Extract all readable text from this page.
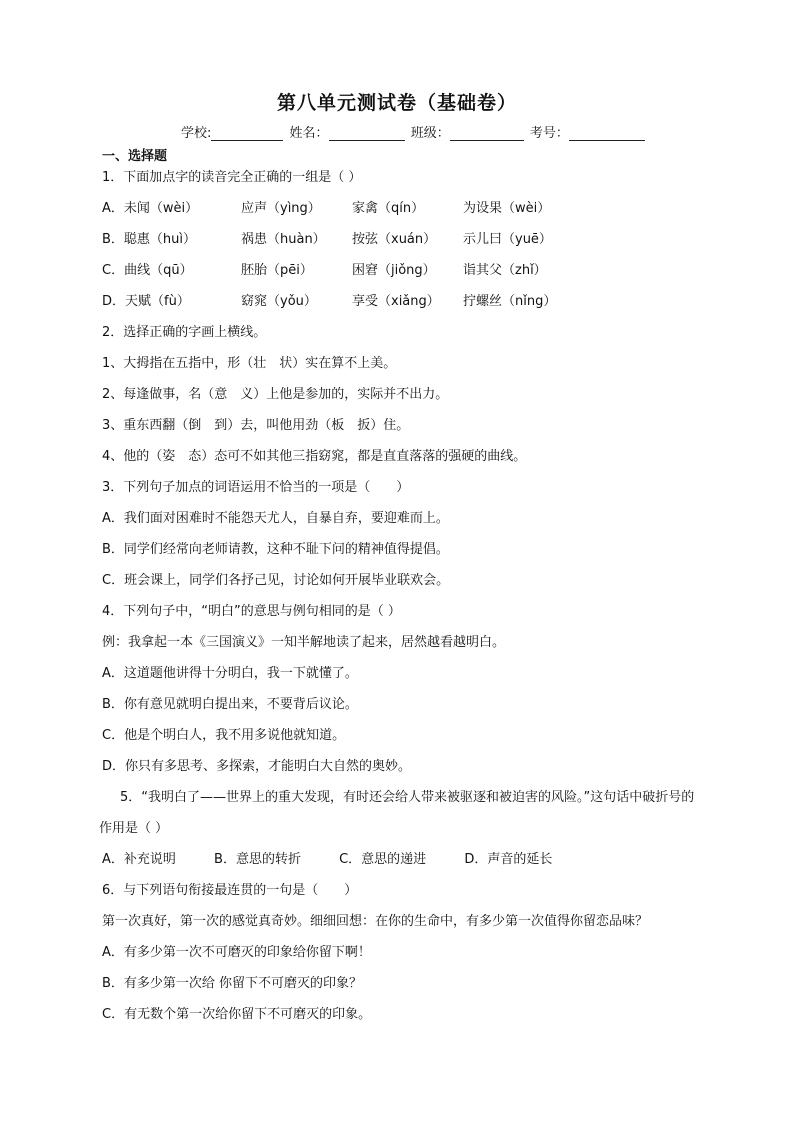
第八单元测试卷（基础卷）
学校:	姓名：	班级：	考号：
一、选择题
1．下面加点字的读音完全正确的一组是（ ）
A．未闻（wèi）	应声（yìng）	家禽（qín）	为设果（wèi）
B．聪惠（huì）	祸患（huàn）	按弦（xuán）	示儿曰（yuē）
C．曲线（qū）	胚胎（pēi）	困窘（jiǒng）	诣其父（zhǐ）
D．天赋（fù）	窈窕（yǒu）	享受（xiǎng）	拧螺丝（nǐng）
2．选择正确的字画上横线。
1、大拇指在五指中，形（壮　状）实在算不上美。
2、每逢做事，名（意　义）上他是参加的，实际并不出力。
3、重东西翻（倒　到）去，叫他用劲（板　扳）住。
4、他的（姿　态）态可不如其他三指窈窕，都是直直落落的强硬的曲线。
3．下列句子加点的词语运用不恰当的一项是（　　）
A．我们面对困难时不能怨天尤人，自暴自弃，要迎难而上。
B．同学们经常向老师请教，这种不耻下问的精神值得提倡。
C．班会课上，同学们各抒己见，讨论如何开展毕业联欢会。
4．下列句子中，“明白”的意思与例句相同的是（ ）
例：我拿起一本《三国演义》一知半解地读了起来，居然越看越明白。
A．这道题他讲得十分明白，我一下就懂了。
B．你有意见就明白提出来，不要背后议论。
C．他是个明白人，我不用多说他就知道。
D．你只有多思考、多探索，才能明白大自然的奥妙。
5．“我明白了——世界上的重大发现，有时还会给人带来被驱逐和被迫害的风险。”这句话中破折号的
作用是（ ）
A．补充说明	B．意思的转折	C．意思的递进	D．声音的延长
6．与下列语句衔接最连贯的一句是（　　）
第一次真好，第一次的感觉真奇妙。细细回想：在你的生命中，有多少第一次值得你留恋品味？
A．有多少第一次不可磨灭的印象给你留下啊！
B．有多少第一次给 你留下不可磨灭的印象？
C．有无数个第一次给你留下不可磨灭的印象。
